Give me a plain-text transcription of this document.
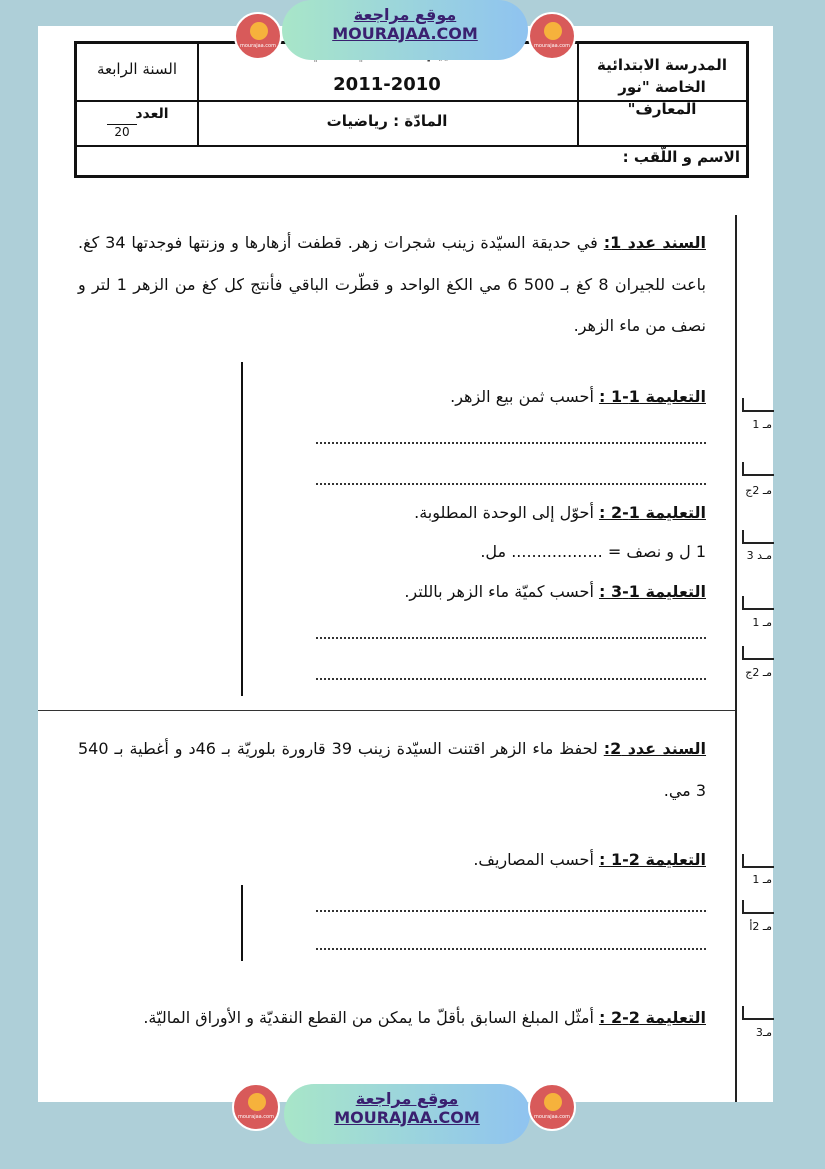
المدرسة الابتدائية الخاصة "نور المعارف"
2011-2010
السنة الرابعة
المادّة : رياضيات
العدد
20
الاسم و اللّقب :
مـ 1
مـ 2ج
مـد 3
مـ 1
مـ 2ج
مـ 1
مـ 2أ
مـ3
السند عدد 1: في حديقة السيّدة زينب شجرات زهر. قطفت أزهارها و وزنتها فوجدتها 34 كغ. باعت للجيران 8 كغ بـ 500 6 مي الكغ الواحد و قطّرت الباقي فأنتج كل كغ من الزهر 1 لتر و نصف من ماء الزهر.
التعليمة 1-1 : أحسب ثمن بيع الزهر.
التعليمة 1-2 : أحوّل إلى الوحدة المطلوبة.
1 ل و نصف = .................. مل.
التعليمة 1-3 : أحسب كميّة ماء الزهر باللتر.
السند عدد 2: لحفظ ماء الزهر اقتنت السيّدة زينب 39 قارورة بلوريّة بـ 46د و أغطية بـ 540 3 مي.
التعليمة 2-1 : أحسب المصاريف.
التعليمة 2-2 : أمثّل المبلغ السابق بأقلّ ما يمكن من القطع النقديّة و الأوراق الماليّة.
mourajaa.com
موقع مراجعة
MOURAJAA.COM
mourajaa.com
mourajaa.com
موقع مراجعة
MOURAJAA.COM	mourajaa.com
